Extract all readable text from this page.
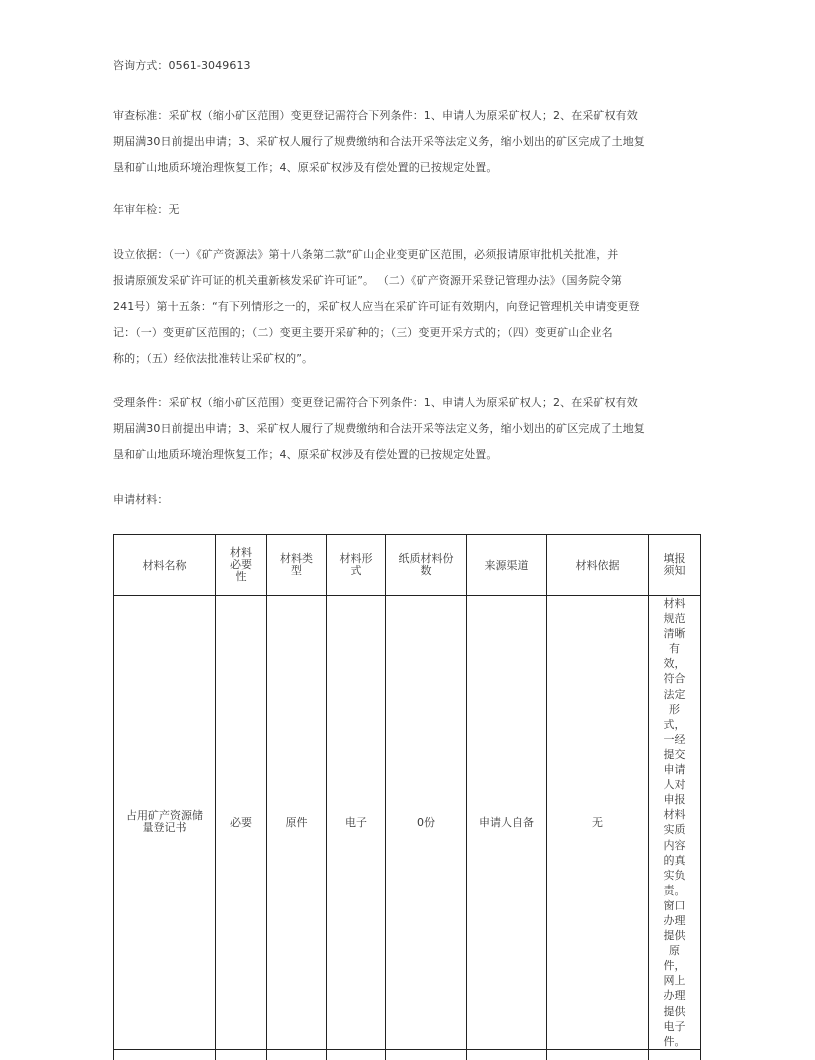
咨询方式：0561-3049613
审查标准：采矿权（缩小矿区范围）变更登记需符合下列条件：1、申请人为原采矿权人；2、在采矿权有效
期届满30日前提出申请；3、采矿权人履行了规费缴纳和合法开采等法定义务，缩小划出的矿区完成了土地复
垦和矿山地质环境治理恢复工作；4、原采矿权涉及有偿处置的已按规定处置。
年审年检：无
设立依据：（一）《矿产资源法》第十八条第二款“矿山企业变更矿区范围，必须报请原审批机关批准，并
报请原颁发采矿许可证的机关重新核发采矿许可证”。 （二）《矿产资源开采登记管理办法》（国务院令第
241号）第十五条：“有下列情形之一的，采矿权人应当在采矿许可证有效期内，向登记管理机关申请变更登
记：（一）变更矿区范围的；（二）变更主要开采矿种的；（三）变更开采方式的；（四）变更矿山企业名
称的；（五）经依法批准转让采矿权的”。
受理条件：采矿权（缩小矿区范围）变更登记需符合下列条件：1、申请人为原采矿权人；2、在采矿权有效
期届满30日前提出申请；3、采矿权人履行了规费缴纳和合法开采等法定义务，缩小划出的矿区完成了土地复
垦和矿山地质环境治理恢复工作；4、原采矿权涉及有偿处置的已按规定处置。
申请材料：
材料名称	材料必要性	材料类型	材料形式	纸质材料份数	来源渠道	材料依据	填报须知

占用矿产资源储量登记书	必要	原件	电子	0份	申请人自备	无	材料规范清晰有效，符合法定形式，一经提交申请人对申报材料实质内容的真实负责。窗口办理提供原件，网上办理提供电子件。
